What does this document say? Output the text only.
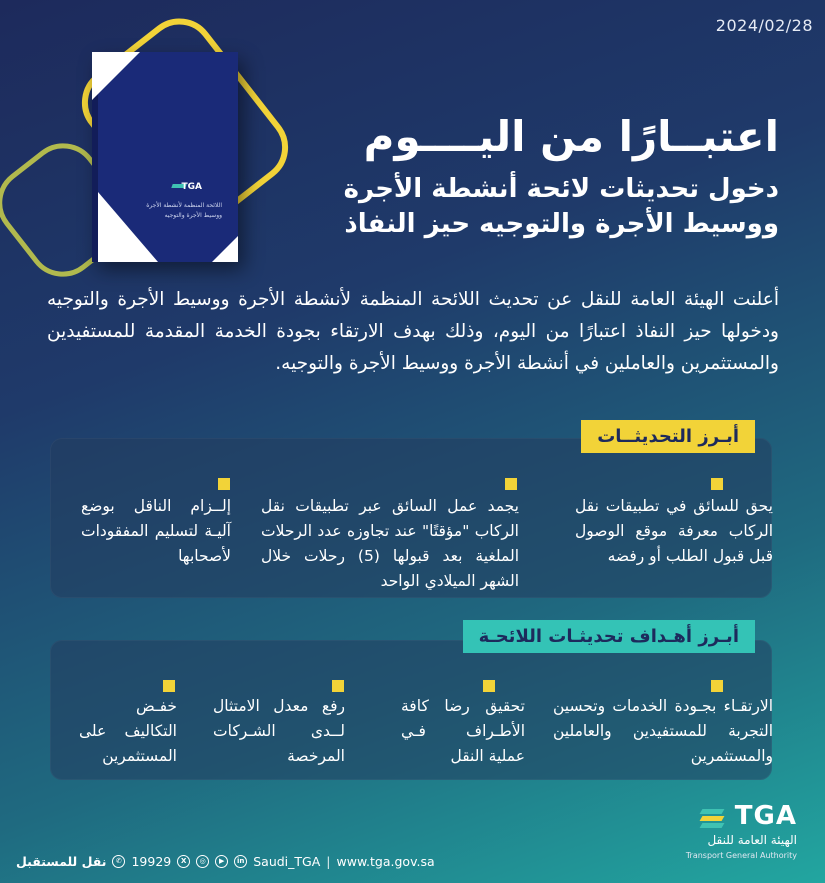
2024/02/28
TGA
اللائحة المنظمة لأنشطة الأجرة
ووسيط الأجرة والتوجيه
اعتبــارًا من اليــــوم
دخول تحديثات لائحة أنشطة الأجرة
ووسيط الأجرة والتوجيه حيز النفاذ
أعلنت الهيئة العامة للنقل عن تحديث اللائحة المنظمة لأنشطة الأجرة ووسيط الأجرة والتوجيه ودخولها حيز النفاذ اعتبارًا من اليوم، وذلك بهدف الارتقاء بجودة الخدمة المقدمة للمستفيدين والمستثمرين والعاملين في أنشطة الأجرة ووسيط الأجرة والتوجيه.
أبـرز التحديثــات
يحق للسائق في تطبيقات نقل الركاب معرفة موقع الوصول قبل قبول الطلب أو رفضه
يجمد عمل السائق عبر تطبيقات نقل الركاب "مؤقتًا" عند تجاوزه عدد الرحلات الملغية بعد قبولها (5) رحلات خلال الشهر الميلادي الواحد
إلــزام الناقل بوضع آليـة لتسليم المفقودات لأصحابها
أبـرز أهـداف تحديثـات اللائحـة
الارتقـاء بجـودة الخدمات وتحسين التجربة للمستفيدين والعاملين والمستثمرين
تحقيق رضا كافة الأطـراف فـي عملية النقل
رفع معدل الامتثال لــدى الشـركات المرخصة
خفـض التكاليف على المستثمرين
نقل للمستقبل	✆ 19929	X	◎	▶	in Saudi_TGA | www.tga.gov.sa
TGA
الهيئة العامة للنقل
Transport General Authority
